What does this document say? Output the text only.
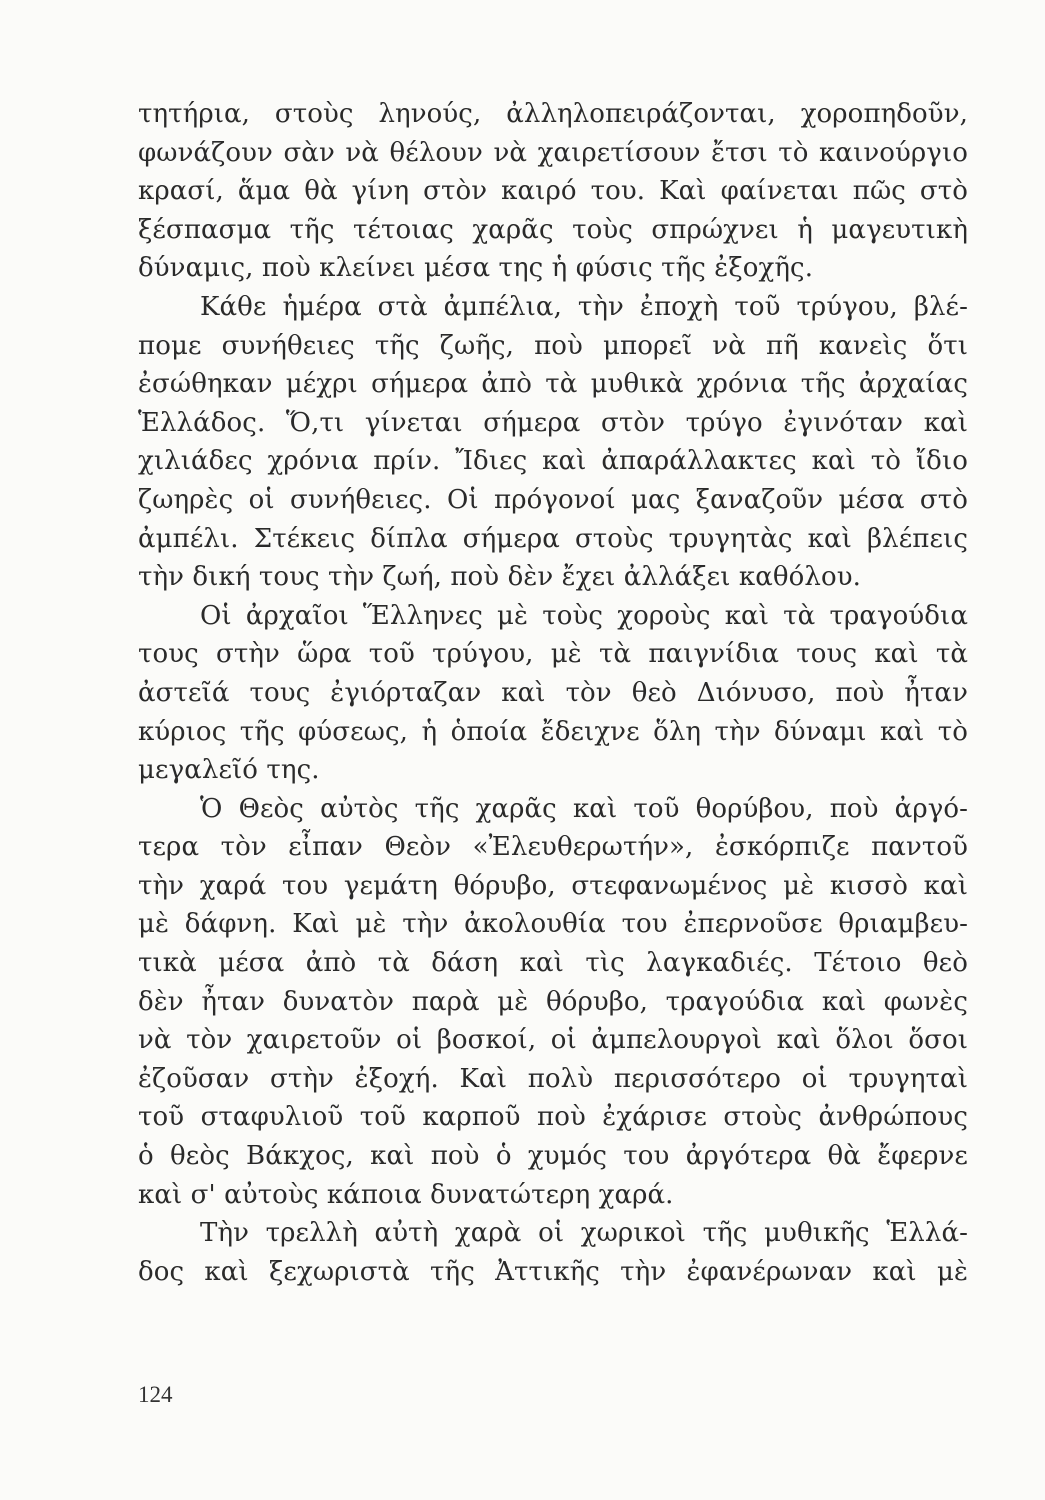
τητήρια, στοὺς ληνούς, ἀλληλοπειράζονται, χοροπηδοῦν,
φωνάζουν σὰν νὰ θέλουν νὰ χαιρετίσουν ἔτσι τὸ καινούργιο
κρασί, ἅμα θὰ γίνη στὸν καιρό του. Καὶ φαίνεται πῶς στὸ
ξέσπασμα τῆς τέτοιας χαρᾶς τοὺς σπρώχνει ἡ μαγευτικὴ
δύναμις, ποὺ κλείνει μέσα της ἡ φύσις τῆς ἐξοχῆς.
Κάθε ἡμέρα στὰ ἀμπέλια, τὴν ἐποχὴ τοῦ τρύγου, βλέ-
πομε συνήθειες τῆς ζωῆς, ποὺ μπορεῖ νὰ πῆ κανεὶς ὅτι
ἐσώθηκαν μέχρι σήμερα ἀπὸ τὰ μυθικὰ χρόνια τῆς ἀρχαίας
Ἑλλάδος. Ὅ,τι γίνεται σήμερα στὸν τρύγο ἐγινόταν καὶ
χιλιάδες χρόνια πρίν. Ἴδιες καὶ ἀπαράλλακτες καὶ τὸ ἴδιο
ζωηρὲς οἱ συνήθειες. Οἱ πρόγονοί μας ξαναζοῦν μέσα στὸ
ἀμπέλι. Στέκεις δίπλα σήμερα στοὺς τρυγητὰς καὶ βλέπεις
τὴν δική τους τὴν ζωή, ποὺ δὲν ἔχει ἀλλάξει καθόλου.
Οἱ ἀρχαῖοι Ἕλληνες μὲ τοὺς χοροὺς καὶ τὰ τραγούδια
τους στὴν ὥρα τοῦ τρύγου, μὲ τὰ παιγνίδια τους καὶ τὰ
ἀστεῖά τους ἐγιόρταζαν καὶ τὸν θεὸ Διόνυσο, ποὺ ἦταν
κύριος τῆς φύσεως, ἡ ὁποία ἔδειχνε ὅλη τὴν δύναμι καὶ τὸ
μεγαλεῖό της.
Ὁ Θεὸς αὐτὸς τῆς χαρᾶς καὶ τοῦ θορύβου, ποὺ ἀργό-
τερα τὸν εἶπαν Θεὸν «Ἐλευθερωτήν», ἐσκόρπιζε παντοῦ
τὴν χαρά του γεμάτη θόρυβο, στεφανωμένος μὲ κισσὸ καὶ
μὲ δάφνη. Καὶ μὲ τὴν ἀκολουθία του ἐπερνοῦσε θριαμβευ-
τικὰ μέσα ἀπὸ τὰ δάση καὶ τὶς λαγκαδιές. Τέτοιο θεὸ
δὲν ἦταν δυνατὸν παρὰ μὲ θόρυβο, τραγούδια καὶ φωνὲς
νὰ τὸν χαιρετοῦν οἱ βοσκοί, οἱ ἀμπελουργοὶ καὶ ὅλοι ὅσοι
ἐζοῦσαν στὴν ἐξοχή. Καὶ πολὺ περισσότερο οἱ τρυγηταὶ
τοῦ σταφυλιοῦ τοῦ καρποῦ ποὺ ἐχάρισε στοὺς ἀνθρώπους
ὁ θεὸς Βάκχος, καὶ ποὺ ὁ χυμός του ἀργότερα θὰ ἔφερνε
καὶ σ' αὐτοὺς κάποια δυνατώτερη χαρά.
Τὴν τρελλὴ αὐτὴ χαρὰ οἱ χωρικοὶ τῆς μυθικῆς Ἑλλά-
δος καὶ ξεχωριστὰ τῆς Ἀττικῆς τὴν ἐφανέρωναν καὶ μὲ
124
